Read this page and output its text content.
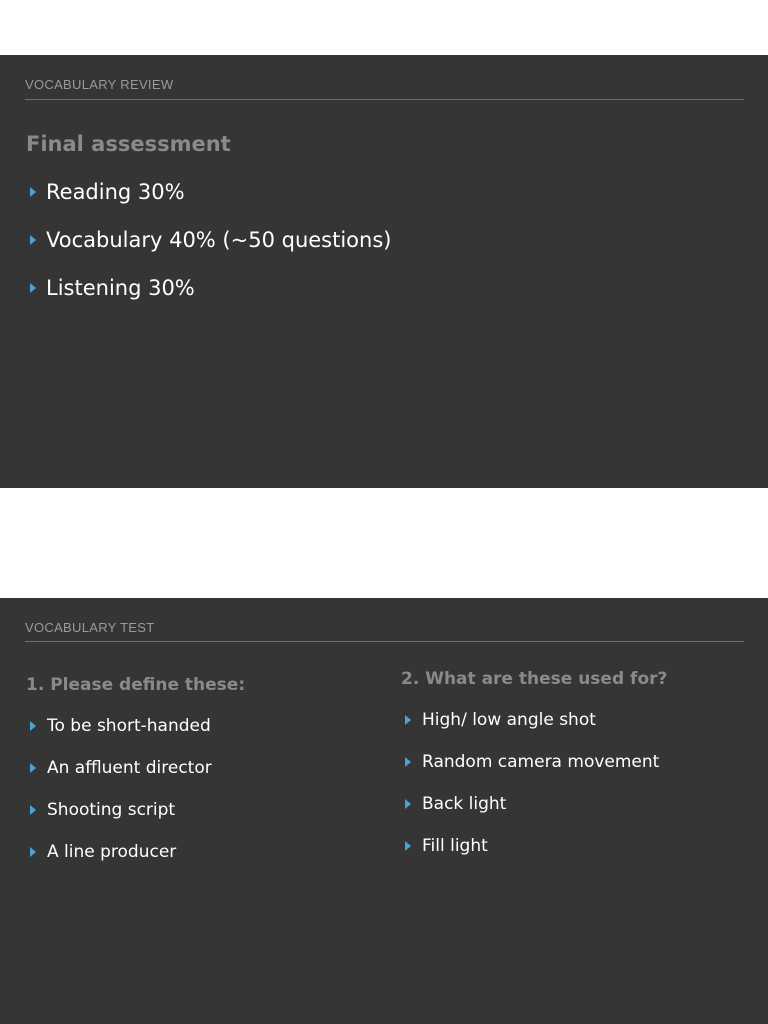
VOCABULARY REVIEW
Final assessment
Reading 30%
Vocabulary 40% (~50 questions)
Listening 30%
VOCABULARY TEST
1. Please define these:
To be short-handed
An affluent director
Shooting script
A line producer
2. What are these used for?
High/ low angle shot
Random camera movement
Back light
Fill light
